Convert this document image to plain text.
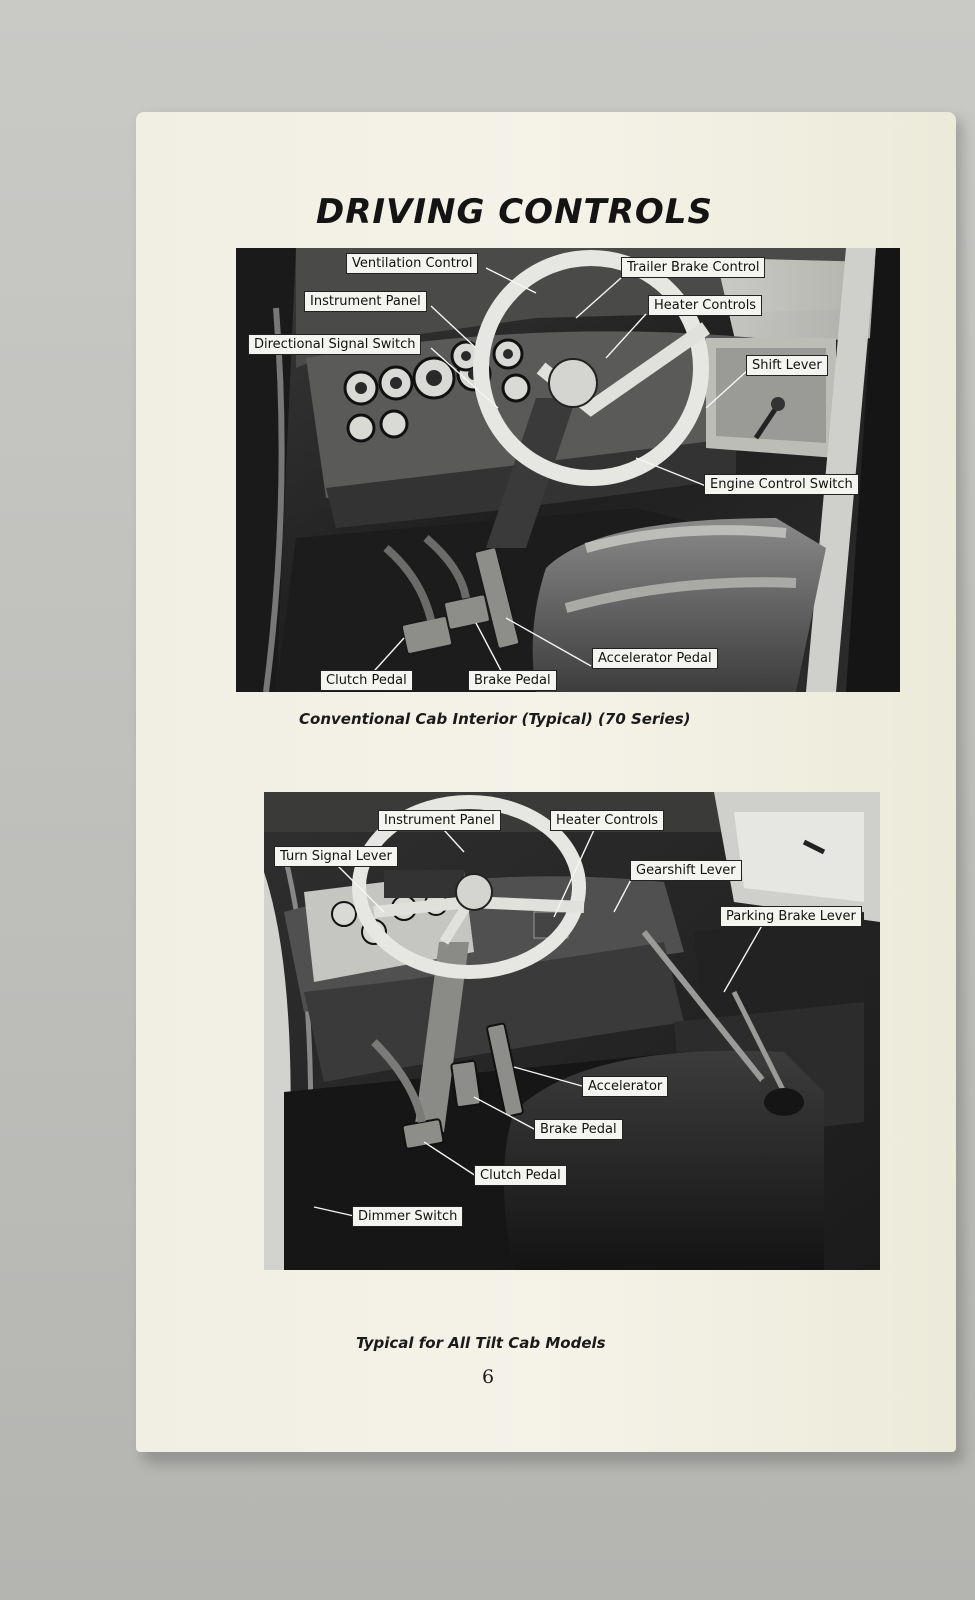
DRIVING CONTROLS
Ventilation Control	Trailer Brake Control
Instrument Panel	Heater Controls
Directional Signal Switch
Shift Lever
Engine Control Switch
Accelerator Pedal
Clutch Pedal	Brake Pedal

Conventional Cab Interior (Typical) (70 Series)

Instrument Panel	Heater Controls
Turn Signal Lever
Gearshift Lever
Parking Brake Lever
Accelerator
Brake Pedal
Clutch Pedal
Dimmer Switch

Typical for All Tilt Cab Models

6
